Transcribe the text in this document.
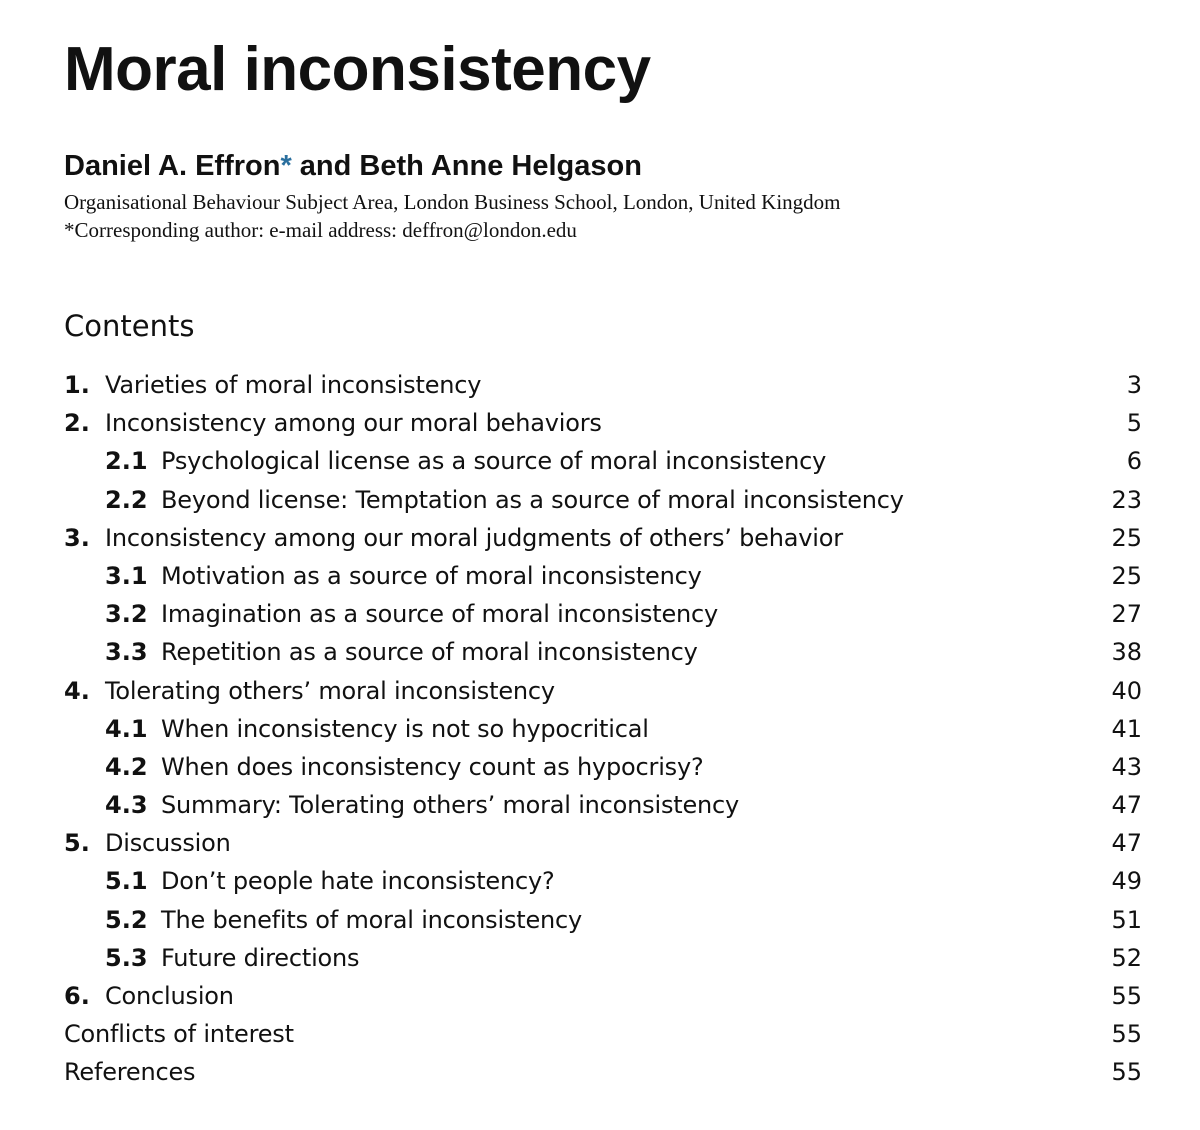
Moral inconsistency
Daniel A. Effron* and Beth Anne Helgason
Organisational Behaviour Subject Area, London Business School, London, United Kingdom
*Corresponding author: e-mail address: deffron@london.edu
Contents
1. Varieties of moral inconsistency	3
2. Inconsistency among our moral behaviors	5
2.1 Psychological license as a source of moral inconsistency	6
2.2 Beyond license: Temptation as a source of moral inconsistency	23
3. Inconsistency among our moral judgments of others’ behavior	25
3.1 Motivation as a source of moral inconsistency	25
3.2 Imagination as a source of moral inconsistency	27
3.3 Repetition as a source of moral inconsistency	38
4. Tolerating others’ moral inconsistency	40
4.1 When inconsistency is not so hypocritical	41
4.2 When does inconsistency count as hypocrisy?	43
4.3 Summary: Tolerating others’ moral inconsistency	47
5. Discussion	47
5.1 Don’t people hate inconsistency?	49
5.2 The benefits of moral inconsistency	51
5.3 Future directions	52
6. Conclusion	55
Conflicts of interest	55
References	55
